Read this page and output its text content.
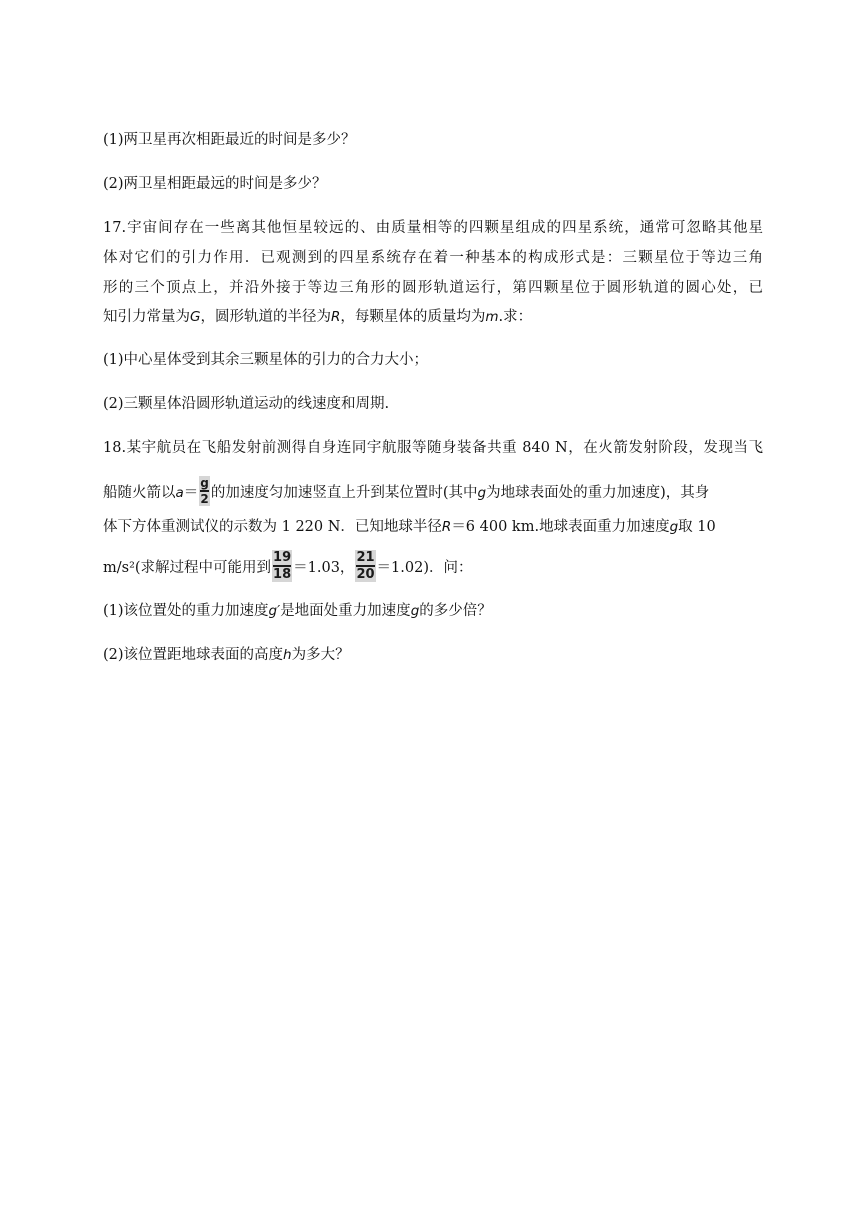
(1)两卫星再次相距最近的时间是多少？
(2)两卫星相距最远的时间是多少？
17.宇宙间存在一些离其他恒星较远的、由质量相等的四颗星组成的四星系统，通常可忽略其他星
体对它们的引力作用．已观测到的四星系统存在着一种基本的构成形式是：三颗星位于等边三角
形的三个顶点上，并沿外接于等边三角形的圆形轨道运行，第四颗星位于圆形轨道的圆心处，已
知引力常量为G，圆形轨道的半径为R，每颗星体的质量均为m.求：
(1)中心星体受到其余三颗星体的引力的合力大小；
(2)三颗星体沿圆形轨道运动的线速度和周期.
18.某宇航员在飞船发射前测得自身连同宇航服等随身装备共重 840 N，在火箭发射阶段，发现当飞
船随火箭以$a= \frac{g}{2}$ 的加速度匀加速竖直上升到某位置时(其中g为地球表面处的重力加速度)，其身
体下方体重测试仪的示数为 1 220 N．已知地球半径R＝6 400 km.地球表面重力加速度g取 10
m/s²(求解过程中可能用到 $\frac{19}{18} =1.03$， $\frac{21}{20} =1.02$)．问：
(1)该位置处的重力加速度g′是地面处重力加速度g的多少倍？
(2)该位置距地球表面的高度h为多大？
